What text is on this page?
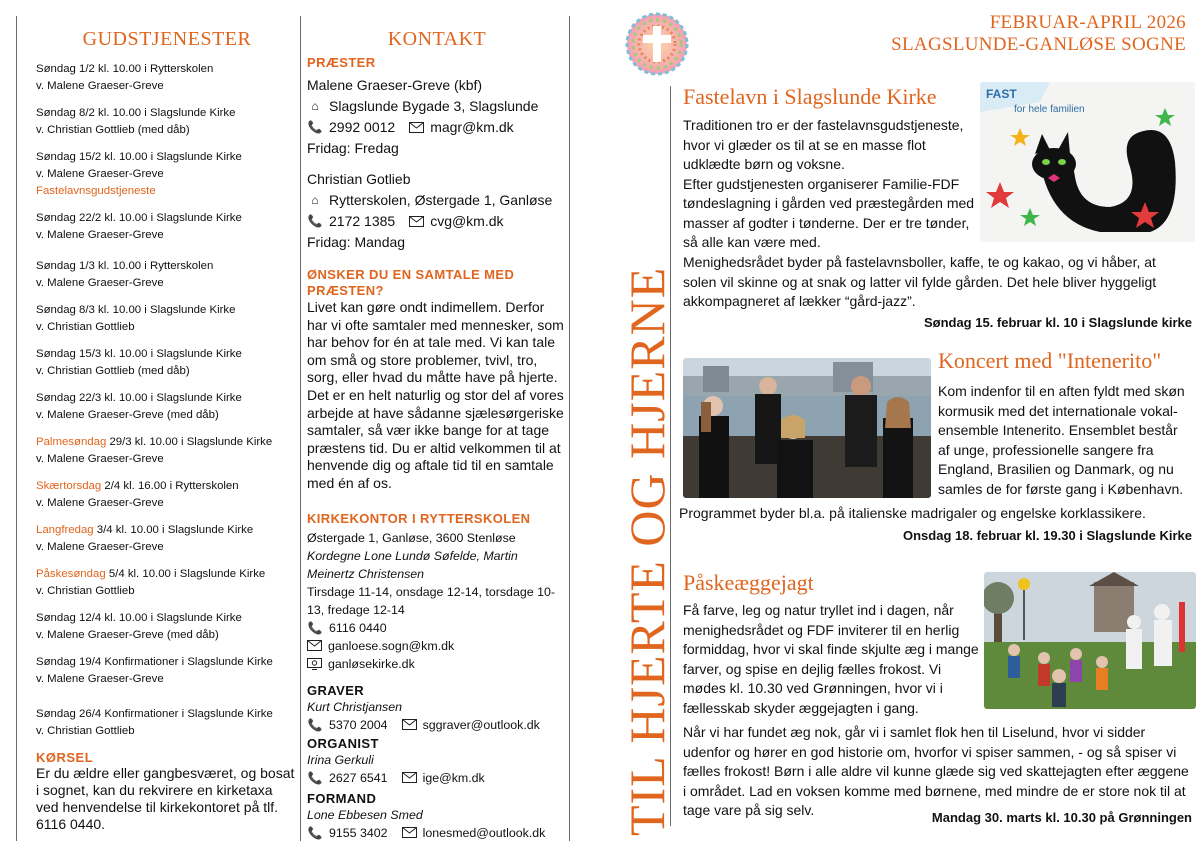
GUDSTJENESTER
Søndag 1/2 kl. 10.00 i Rytterskolen
v. Malene Graeser-Greve
Søndag 8/2 kl. 10.00 i Slagslunde Kirke
v. Christian Gottlieb (med dåb)
Søndag 15/2 kl. 10.00 i Slagslunde Kirke
v. Malene Graeser-Greve
Fastelavnsgudstjeneste
Søndag 22/2 kl. 10.00 i Slagslunde Kirke
v. Malene Graeser-Greve
Søndag 1/3 kl. 10.00 i Rytterskolen
v. Malene Graeser-Greve
Søndag 8/3 kl. 10.00 i Slagslunde Kirke
v. Christian Gottlieb
Søndag 15/3 kl. 10.00 i Slagslunde Kirke
v. Christian Gottlieb (med dåb)
Søndag 22/3 kl. 10.00 i Slagslunde Kirke
v. Malene Graeser-Greve (med dåb)
Palmesøndag 29/3 kl. 10.00 i Slagslunde Kirke
v. Malene Graeser-Greve
Skærtorsdag 2/4 kl. 16.00 i Rytterskolen
v. Malene Graeser-Greve
Langfredag 3/4 kl. 10.00 i Slagslunde Kirke
v. Malene Graeser-Greve
Påskesøndag 5/4 kl. 10.00 i Slagslunde Kirke
v. Christian Gottlieb
Søndag 12/4 kl. 10.00 i Slagslunde Kirke
v. Malene Graeser-Greve (med dåb)
Søndag 19/4 Konfirmationer i Slagslunde Kirke
v. Malene Graeser-Greve
Søndag 26/4 Konfirmationer i Slagslunde Kirke
v. Christian Gottlieb
KØRSEL
Er du ældre eller gangbesværet, og bosat i sognet, kan du rekvirere en kirketaxa ved henvendelse til kirkekontoret på tlf. 6116 0440.
KONTAKT
PRÆSTER
Malene Graeser-Greve (kbf)
⌂ Slagslunde Bygade 3, Slagslunde
📞 2992 0012	magr@km.dk
Fridag: Fredag
Christian Gotlieb
⌂ Rytterskolen, Østergade 1, Ganløse
📞 2172 1385	cvg@km.dk
Fridag: Mandag
ØNSKER DU EN SAMTALE MED PRÆSTEN?
Livet kan gøre ondt indimellem. Derfor har vi ofte samtaler med mennesker, som har behov for én at tale med. Vi kan tale om små og store problemer, tvivl, tro, sorg, eller hvad du måtte have på hjerte. Det er en helt naturlig og stor del af vores arbejde at have sådanne sjælesørgeriske samtaler, så vær ikke bange for at tage præstens tid. Du er altid velkommen til at henvende dig og aftale tid til en samtale med én af os.
KIRKEKONTOR I RYTTERSKOLEN
Østergade 1, Ganløse, 3600 Stenløse
Kordegne Lone Lundø Søfelde, Martin Meinertz Christensen
Tirsdage 11-14, onsdage 12-14, torsdage 10-13, fredage 12-14
📞 6116 0440
ganloese.sogn@km.dk
ganløsekirke.dk
GRAVER
Kurt Christjansen
📞 5370 2004	sggraver@outlook.dk
ORGANIST
Irina Gerkuli
📞 2627 6541	ige@km.dk
FORMAND
Lone Ebbesen Smed
📞 9155 3402	lonesmed@outlook.dk TIL HJERTE OG HJERNE
FEBRUAR-APRIL 2026
SLAGSLUNDE-GANLØSE SOGNE
Fastelavn i Slagslunde Kirke	FAST
for hele familien
Traditionen tro er der fastelavnsgudstjeneste, hvor vi glæder os til at se en masse flot udklædte børn og voksne.
Efter gudstjenesten organiserer Familie-FDF tøndeslagning i gården ved præstegården med masser af godter i tønderne. Der er tre tønder, så alle kan være med.
Menighedsrådet byder på fastelavnsboller, kaffe, te og kakao, og vi håber, at solen vil skinne og at snak og latter vil fylde gården. Det hele bliver hyggeligt akkompagneret af lækker “gård-jazz”.
Søndag 15. februar kl. 10 i Slagslunde kirke
Koncert med "Intenerito"
Kom indenfor til en aften fyldt med skøn kormusik med det internationale vokal-ensemble Intenerito. Ensemblet består af unge, professionelle sangere fra England, Brasilien og Danmark, og nu samles de for første gang i København.
Programmet byder bl.a. på italienske madrigaler og engelske korklassikere.
Onsdag 18. februar kl. 19.30 i Slagslunde Kirke
Påskeæggejagt
Få farve, leg og natur tryllet ind i dagen, når menighedsrådet og FDF inviterer til en herlig formiddag, hvor vi skal finde skjulte æg i mange farver, og spise en dejlig fælles frokost. Vi mødes kl. 10.30 ved Grønningen, hvor vi i fællesskab skyder æggejagten i gang.
Når vi har fundet æg nok, går vi i samlet flok hen til Liselund, hvor vi sidder udenfor og hører en god historie om, hvorfor vi spiser sammen, - og så spiser vi fælles frokost! Børn i alle aldre vil kunne glæde sig ved skattejagten efter æggene i området. Lad en voksen komme med børnene, med mindre de er store nok til at tage vare på sig selv.	Mandag 30. marts kl. 10.30 på Grønningen
